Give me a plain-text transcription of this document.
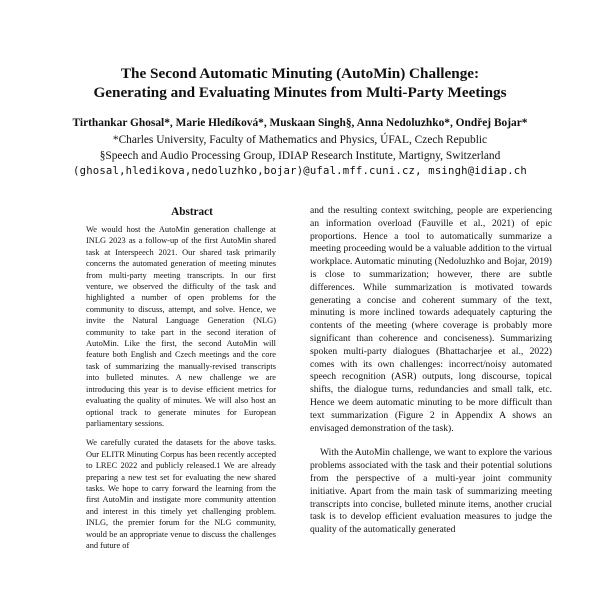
The Second Automatic Minuting (AutoMin) Challenge:
Generating and Evaluating Minutes from Multi-Party Meetings
Tirthankar Ghosal*, Marie Hledíková*, Muskaan Singh§, Anna Nedoluzhko*, Ondřej Bojar*
*Charles University, Faculty of Mathematics and Physics, ÚFAL, Czech Republic
§Speech and Audio Processing Group, IDIAP Research Institute, Martigny, Switzerland
(ghosal,hledikova,nedoluzhko,bojar)@ufal.mff.cuni.cz, msingh@idiap.ch
Abstract

We would host the AutoMin generation challenge at INLG 2023 as a follow-up of the first AutoMin shared task at Interspeech 2021. Our shared task primarily concerns the automated generation of meeting minutes from multi-party meeting transcripts. In our first venture, we observed the difficulty of the task and highlighted a number of open problems for the community to discuss, attempt, and solve. Hence, we invite the Natural Language Generation (NLG) community to take part in the second iteration of AutoMin. Like the first, the second AutoMin will feature both English and Czech meetings and the core task of summarizing the manually-revised transcripts into bulleted minutes. A new challenge we are introducing this year is to devise efficient metrics for evaluating the quality of minutes. We will also host an optional track to generate minutes for European parliamentary sessions.

We carefully curated the datasets for the above tasks. Our ELITR Minuting Corpus has been recently accepted to LREC 2022 and publicly released.1 We are already preparing a new test set for evaluating the new shared tasks. We hope to carry forward the learning from the first AutoMin and instigate more community attention and interest in this timely yet challenging problem. INLG, the premier forum for the NLG community, would be an appropriate venue to discuss the challenges and future of

and the resulting context switching, people are experiencing an information overload (Fauville et al., 2021) of epic proportions. Hence a tool to automatically summarize a meeting proceeding would be a valuable addition to the virtual workplace. Automatic minuting (Nedoluzhko and Bojar, 2019) is close to summarization; however, there are subtle differences. While summarization is motivated towards generating a concise and coherent summary of the text, minuting is more inclined towards adequately capturing the contents of the meeting (where coverage is probably more significant than coherence and conciseness). Summarizing spoken multi-party dialogues (Bhattacharjee et al., 2022) comes with its own challenges: incorrect/noisy automated speech recognition (ASR) outputs, long discourse, topical shifts, the dialogue turns, redundancies and small talk, etc. Hence we deem automatic minuting to be more difficult than text summarization (Figure 2 in Appendix A shows an envisaged demonstration of the task).

With the AutoMin challenge, we want to explore the various problems associated with the task and their potential solutions from the perspective of a multi-year joint community initiative. Apart from the main task of summarizing meeting transcripts into concise, bulleted minute items, another crucial task is to develop efficient evaluation measures to judge the quality of the automatically generated
